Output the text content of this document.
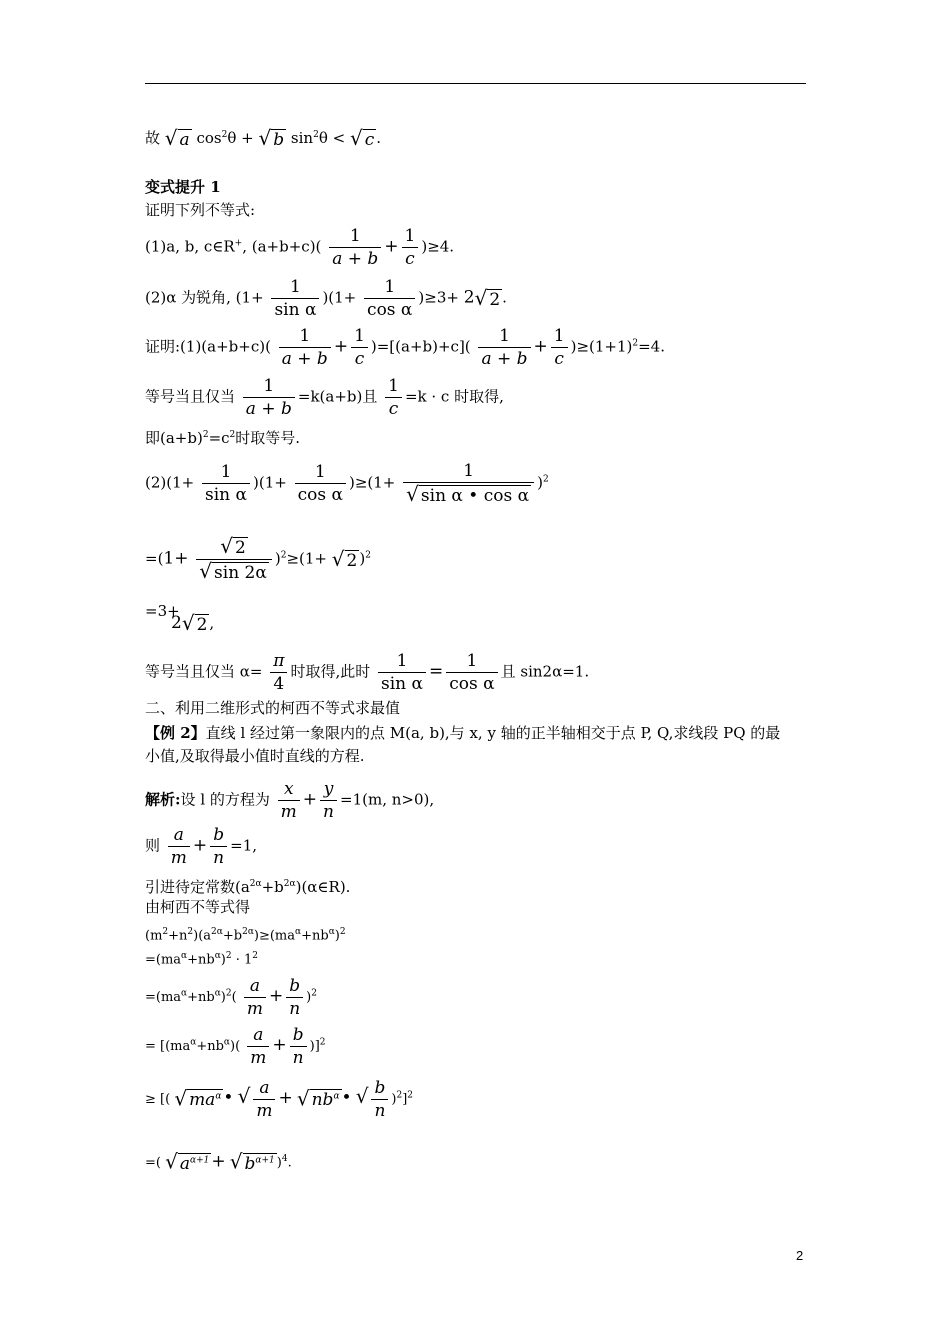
故 √ a $\cos^2\theta$ + √ b $\sin^2\theta$ < √ c .
变式提升 1
证明下列不等式:
(1)a, b, c∈R+, $(a+b+c)( \frac{1}{a + b} + \frac{1}{c} )\ge 4$.
(2)α 为锐角, $(1+ \frac{1}{\text{sin α}} )(1+ \frac{1}{\text{cos α}} )\ge 3+ 2√$ 2 .
证明:(1)(a+b+c)( $\frac{1}{a + b} + \frac{1}{c} )=[(a+b)+c]( \frac{1}{a + b} + \frac{1}{c} )\ge(1+1)^2=4$.
等号当且仅当 $\frac{1}{a + b} =k(a+b)$且 $\frac{1}{c} =k \cdot c$ 时取得,
即$(a+b)^2=c^2$时取等号.
$(2)(1+ \frac{1}{\text{sin α}} )(1+ \frac{1}{\text{cos α}} )\ge(1+ \frac{1}{\text{√ sin α • cos α}} )^2$
$=(1+ \frac{√ 2}{√ \sin 2\alpha} )^2\ge(1+$ √ 2 )$^2$
=3+
2√ 2 ,
等号当且仅当 $\alpha= \frac{\pi}{4}$ 时取得,此时 $\frac{1}{\text{sin α}} = \frac{1}{\text{cos α}}$ 且 sin2α=1.
二、利用二维形式的柯西不等式求最值
【例 2】直线 l 经过第一象限内的点 M(a, b),与 x, y 轴的正半轴相交于点 P, Q,求线段 PQ 的最
小值,及取得最小值时直线的方程.
解析:设 l 的方程为 $\frac{x}{m} + \frac{y}{n} =1(m$, n>0),
则 $\frac{a}{m} + \frac{b}{n} =1$,
引进待定常数$(a^{2\alpha}+b^{2\alpha})(\alpha\in R)$.
由柯西不等式得
$(m^2+n^2)(a^{2\alpha}+b^{2\alpha})\ge(ma^\alpha+nb^\alpha)^2$
$=(ma^\alpha+nb^\alpha)^2 \cdot 1^2$
$=(ma^\alpha+nb^\alpha)^2( \frac{a}{m} + \frac{b}{n} )^2$
= $[(ma^\alpha+nb^\alpha)( \frac{a}{m} + \frac{b}{n} )]^2$
≥ [( √ $ma^\alpha$ • √ $\frac{a}{m}$ + √ $nb^\alpha$ • √ $\frac{b}{n} )^2]^2$
=( √ $a^{\alpha+1}$ + √ $b^{\alpha+1}$ )$^4$.
2
